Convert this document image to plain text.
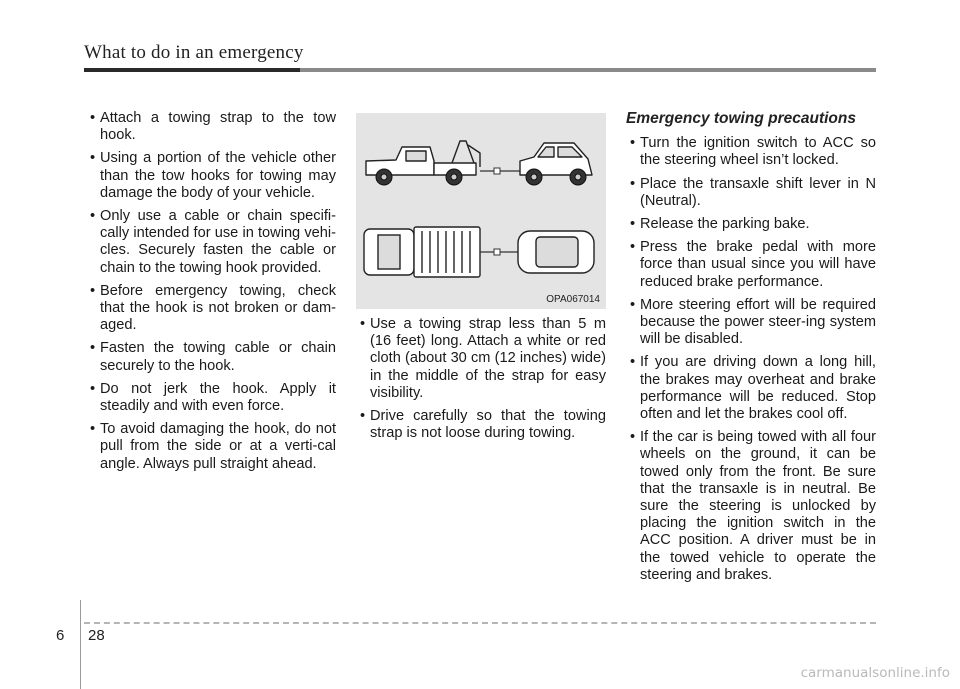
What to do in an emergency
• Attach a towing strap to the tow hook.
• Using a portion of the vehicle other than the tow hooks for towing may damage the body of your vehicle.
• Only use a cable or chain specifi-cally intended for use in towing vehi-cles. Securely fasten the cable or chain to the towing hook provided.
• Before emergency towing, check that the hook is not broken or dam-aged.
• Fasten the towing cable or chain securely to the hook.
• Do not jerk the hook. Apply it steadily and with even force.
• To avoid damaging the hook, do not pull from the side or at a verti-cal angle. Always pull straight ahead.
OPA067014
• Use a towing strap less than 5 m (16 feet) long. Attach a white or red cloth (about 30 cm (12 inches) wide) in the middle of the strap for easy visibility.
• Drive carefully so that the towing strap is not loose during towing.
Emergency towing precautions
• Turn the ignition switch to ACC so the steering wheel isn’t locked.
• Place the transaxle shift lever in N (Neutral).
• Release the parking bake.
• Press the brake pedal with more force than usual since you will have reduced brake performance.
• More steering effort will be required because the power steer-ing system will be disabled.
• If you are driving down a long hill, the brakes may overheat and brake performance will be reduced. Stop often and let the brakes cool off.
• If the car is being towed with all four wheels on the ground, it can be towed only from the front. Be sure that the transaxle is in neutral. Be sure the steering is unlocked by placing the ignition switch in the ACC position. A driver must be in the towed vehicle to operate the steering and brakes.
6 28
carmanualsonline.info
